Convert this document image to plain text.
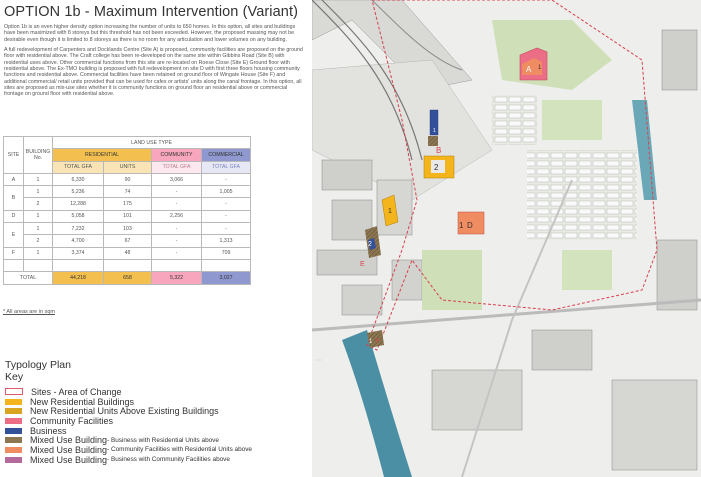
OPTION 1b - Maximum Intervention (Variant)

Option 1b is an even higher density option increasing the number of units to 650 homes. In this option, all sites and buildings have been maximized with 8 storeys but this threshold has not been exceeded. However, the proposed massing may not be desirable even though it is limited to 8 storeys as there is no room for any articulation and lower volumes on any building.

A full redevelopment of Carpenters and Docklands Centre (Site A) is proposed, community facilities are proposed on the ground floor with residential above. The Craft college has been re-developed on the same site within Gibbins Road (Site B) with residential uses above. Other commercial functions from this site are re-located on Roese Close (Site E) Ground floor with residential above. The Ex-TMO building is proposed with full redevelopment on site D with first three floors housing community functions and residential above. Commercial facilities have been retained on ground floor of Wingate House (Site F) and additional commercial/ retail units provided that can be used for cafes or artists' units along the canal frontage. In this option, all sites are proposed as mix-use sites whether it is community functions on ground floor an residential above or commercial frontage on ground floor with residential above.

SITE	BUILDING No.	LAND USE TYPE			
		RESIDENTIAL		COMMUNITY	COMMERCIAL
		TOTAL GFA	UNITS	TOTAL GFA	TOTAL GFA
A	1	6,330	90	3,066	-
B	1	5,236	74	-	1,005
	2	12,288	175	-	-
D	1	5,058	101	2,256	-
E	1	7,232	103	-	-
	2	4,700	67	-	1,313
F	1	3,374	48	-	709

TOTAL		44,218	658	5,322	3,027
* All areas are in sqm
Typology Plan
Key
Sites - Area of Change
New Residential Buildings
New Residential Units Above Existing Buildings
Community Facilities
Business
Mixed Use Building - Business with Residential Units above
Mixed Use Building - Community Facilities with Residential Units above
Mixed Use Building - Business with Community Facilities above
A 1
B
1
2
1 D
1
2
E
1 F
